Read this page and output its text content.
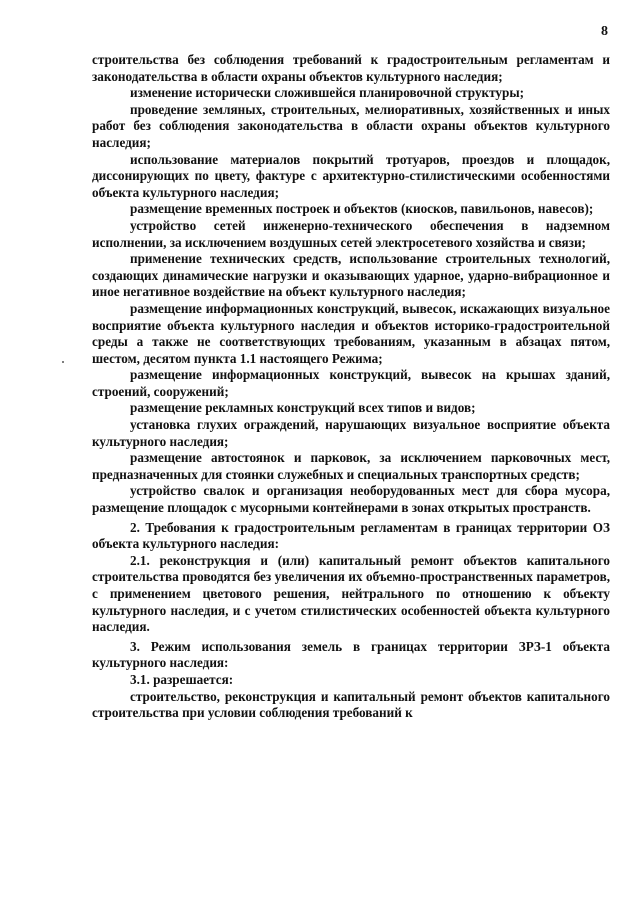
8

строительства без соблюдения требований к градостроительным регламентам и законодательства в области охраны объектов культурного наследия;

изменение исторически сложившейся планировочной структуры;

проведение земляных, строительных, мелиоративных, хозяйственных и иных работ без соблюдения законодательства в области охраны объектов культурного наследия;

использование материалов покрытий тротуаров, проездов и площадок, диссонирующих по цвету, фактуре с архитектурно-стилистическими особенностями объекта культурного наследия;

размещение временных построек и объектов (киосков, павильонов, навесов);

устройство сетей инженерно-технического обеспечения в надземном исполнении, за исключением воздушных сетей электросетевого хозяйства и связи;

применение технических средств, использование строительных технологий, создающих динамические нагрузки и оказывающих ударное, ударно-вибрационное и иное негативное воздействие на объект культурного наследия;

размещение информационных конструкций, вывесок, искажающих визуальное восприятие объекта культурного наследия и объектов историко-градостроительной среды а также не соответствующих требованиям, указанным в абзацах пятом, шестом, десятом пункта 1.1 настоящего Режима;

размещение информационных конструкций, вывесок на крышах зданий, строений, сооружений;

размещение рекламных конструкций всех типов и видов;

установка глухих ограждений, нарушающих визуальное восприятие объекта культурного наследия;

размещение автостоянок и парковок, за исключением парковочных мест, предназначенных для стоянки служебных и специальных транспортных средств;

устройство свалок и организация необорудованных мест для сбора мусора, размещение площадок с мусорными контейнерами в зонах открытых пространств.

2. Требования к градостроительным регламентам в границах территории ОЗ объекта культурного наследия:

2.1. реконструкция и (или) капитальный ремонт объектов капитального строительства проводятся без увеличения их объемно-пространственных параметров, с применением цветового решения, нейтрального по отношению к объекту культурного наследия, и с учетом стилистических особенностей объекта культурного наследия.

3. Режим использования земель в границах территории ЗРЗ-1 объекта культурного наследия:

3.1. разрешается:

строительство, реконструкция и капитальный ремонт объектов капитального строительства при условии соблюдения требований к
